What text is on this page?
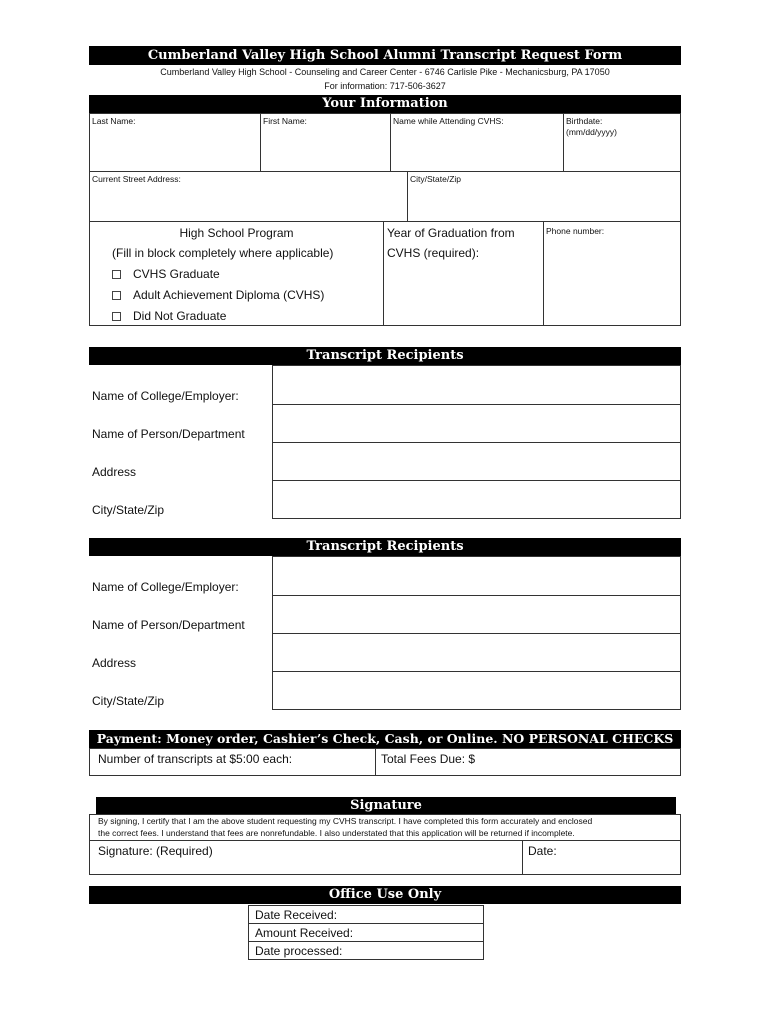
Cumberland Valley High School Alumni Transcript Request Form
Cumberland Valley High School - Counseling and Career Center - 6746 Carlisle Pike - Mechanicsburg, PA 17050
For information: 717-506-3627
Your Information
Last Name:	First Name:	Name while Attending CVHS:	Birthdate:
(mm/dd/yyyy)
Current Street Address:	City/State/Zip
High School Program
(Fill in block completely where applicable)
CVHS Graduate
Adult Achievement Diploma (CVHS)
Did Not Graduate
Year of Graduation from
CVHS (required):
Phone number:
Transcript Recipients
Name of College/Employer:
Name of Person/Department
Address
City/State/Zip
Transcript Recipients
Name of College/Employer:
Name of Person/Department
Address
City/State/Zip
Payment: Money order, Cashier’s Check, Cash, or Online. NO PERSONAL CHECKS
Number of transcripts at $5:00 each:	Total Fees Due: $
Signature
By signing, I certify that I am the above student requesting my CVHS transcript. I have completed this form accurately and enclosed
the correct fees. I understand that fees are nonrefundable. I also understated that this application will be returned if incomplete.
Signature: (Required)	Date:
Office Use Only
Date Received:
Amount Received:
Date processed:
